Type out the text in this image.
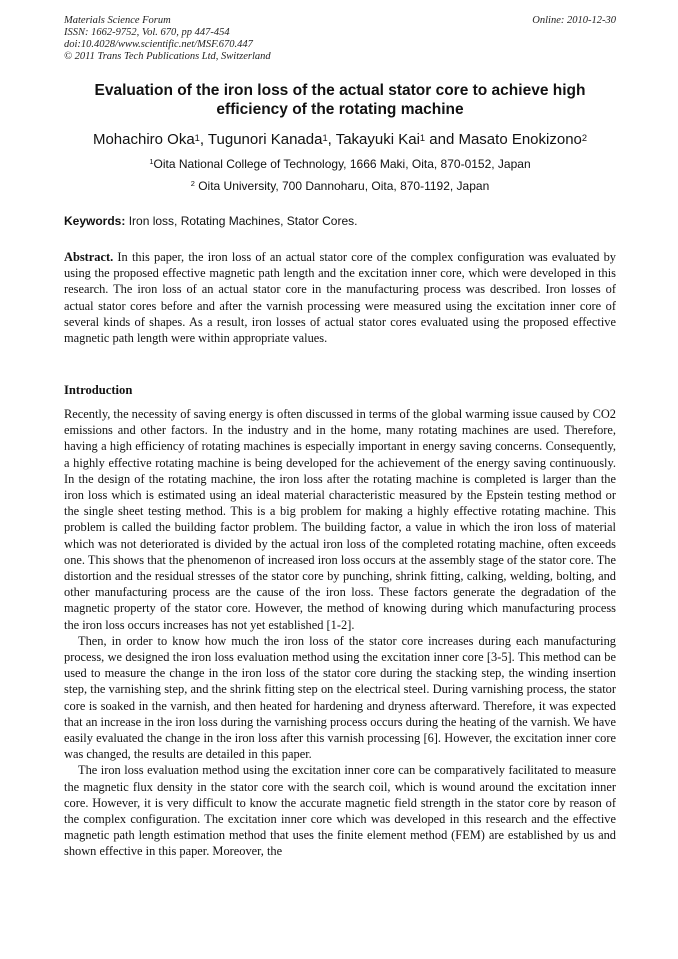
Materials Science Forum
ISSN: 1662-9752, Vol. 670, pp 447-454
doi:10.4028/www.scientific.net/MSF.670.447
© 2011 Trans Tech Publications Ltd, Switzerland
Online: 2010-12-30
Evaluation of the iron loss of the actual stator core to achieve high efficiency of the rotating machine
Mohachiro Oka$^1$, Tugunori Kanada$^1$, Takayuki Kai$^1$ and Masato Enokizono$^2$
$^1$Oita National College of Technology, 1666 Maki, Oita, 870-0152, Japan
$^2$ Oita University, 700 Dannoharu, Oita, 870-1192, Japan
Keywords: Iron loss, Rotating Machines, Stator Cores.
Abstract. In this paper, the iron loss of an actual stator core of the complex configuration was evaluated by using the proposed effective magnetic path length and the excitation inner core, which were developed in this research. The iron loss of an actual stator core in the manufacturing process was described. Iron losses of actual stator cores before and after the varnish processing were measured using the excitation inner core of several kinds of shapes. As a result, iron losses of actual stator cores evaluated using the proposed effective magnetic path length were within appropriate values.
Introduction

Recently, the necessity of saving energy is often discussed in terms of the global warming issue caused by CO2 emissions and other factors. In the industry and in the home, many rotating machines are used. Therefore, having a high efficiency of rotating machines is especially important in energy saving concerns. Consequently, a highly effective rotating machine is being developed for the achievement of the energy saving continuously. In the design of the rotating machine, the iron loss after the rotating machine is completed is larger than the iron loss which is estimated using an ideal material characteristic measured by the Epstein testing method or the single sheet testing method. This is a big problem for making a highly effective rotating machine. This problem is called the building factor problem. The building factor, a value in which the iron loss of material which was not deteriorated is divided by the actual iron loss of the completed rotating machine, often exceeds one. This shows that the phenomenon of increased iron loss occurs at the assembly stage of the stator core. The distortion and the residual stresses of the stator core by punching, shrink fitting, calking, welding, bolting, and other manufacturing process are the cause of the iron loss. These factors generate the degradation of the magnetic property of the stator core. However, the method of knowing during which manufacturing process the iron loss occurs increases has not yet established [1-2].

Then, in order to know how much the iron loss of the stator core increases during each manufacturing process, we designed the iron loss evaluation method using the excitation inner core [3-5]. This method can be used to measure the change in the iron loss of the stator core during the stacking step, the winding insertion step, the varnishing step, and the shrink fitting step on the electrical steel. During varnishing process, the stator core is soaked in the varnish, and then heated for hardening and dryness afterward. Therefore, it was expected that an increase in the iron loss during the varnishing process occurs during the heating of the varnish. We have easily evaluated the change in the iron loss after this varnish processing [6]. However, the excitation inner core was changed, the results are detailed in this paper.

The iron loss evaluation method using the excitation inner core can be comparatively facilitated to measure the magnetic flux density in the stator core with the search coil, which is wound around the excitation inner core. However, it is very difficult to know the accurate magnetic field strength in the stator core by reason of the complex configuration. The excitation inner core which was developed in this research and the effective magnetic path length estimation method that uses the finite element method (FEM) are established by us and shown effective in this paper. Moreover, the
